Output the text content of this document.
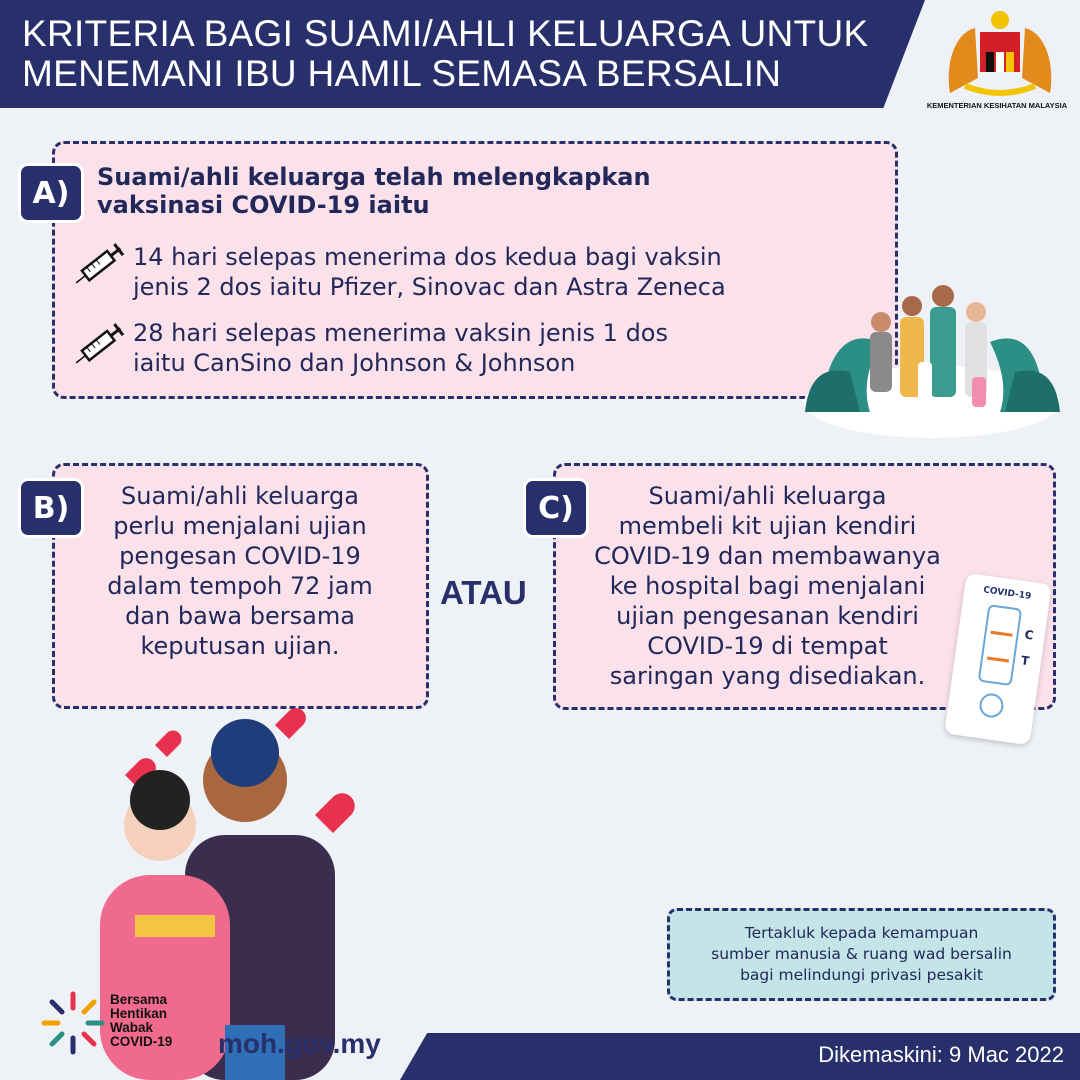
KRITERIA BAGI SUAMI/AHLI KELUARGA UNTUK
MENEMANI IBU HAMIL SEMASA BERSALIN
KEMENTERIAN KESIHATAN MALAYSIA
A)	Suami/ahli keluarga telah melengkapkan
vaksinasi COVID-19 iaitu
14 hari selepas menerima dos kedua bagi vaksin
jenis 2 dos iaitu Pfizer, Sinovac dan Astra Zeneca
28 hari selepas menerima vaksin jenis 1 dos
iaitu CanSino dan Johnson & Johnson
B)	Suami/ahli keluarga
perlu menjalani ujian
pengesan COVID-19
dalam tempoh 72 jam
dan bawa bersama
keputusan ujian.
ATAU
C)	Suami/ahli keluarga
membeli kit ujian kendiri
COVID-19 dan membawanya
ke hospital bagi menjalani
ujian pengesanan kendiri
COVID-19 di tempat
saringan yang disediakan.
COVID-19
C
T
Tertakluk kepada kemampuan
sumber manusia & ruang wad bersalin
bagi melindungi privasi pesakit
Dikemaskini: 9 Mac 2022
Bersama
Hentikan
Wabak
COVID-19 moh.gov.my
